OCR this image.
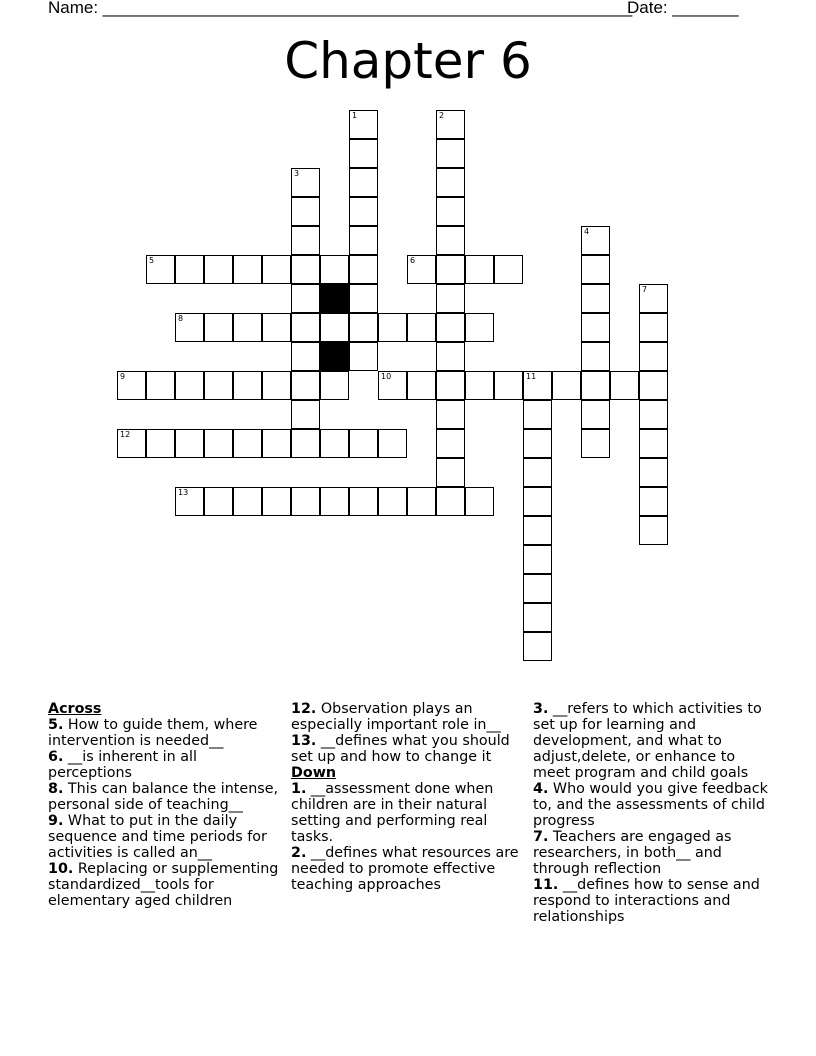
Name: ________________________________________________________
Date: _______
Chapter 6
1	2
3
4
5	6
7
8
9	10	11
12
13
Across

5. How to guide them, where intervention is needed__

6. __is inherent in all perceptions

8. This can balance the intense, personal side of teaching__

9. What to put in the daily sequence and time periods for activities is called an__

10. Replacing or supplementing standardized__tools for elementary aged children

12. Observation plays an especially important role in__

13. __defines what you should set up and how to change it

Down

1. __assessment done when children are in their natural setting and performing real tasks.

2. __defines what resources are needed to promote effective teaching approaches

3. __refers to which activities to set up for learning and development, and what to adjust,delete, or enhance to meet program and child goals

4. Who would you give feedback to, and the assessments of child progress

7. Teachers are engaged as researchers, in both__ and through reflection

11. __defines how to sense and respond to interactions and relationships
